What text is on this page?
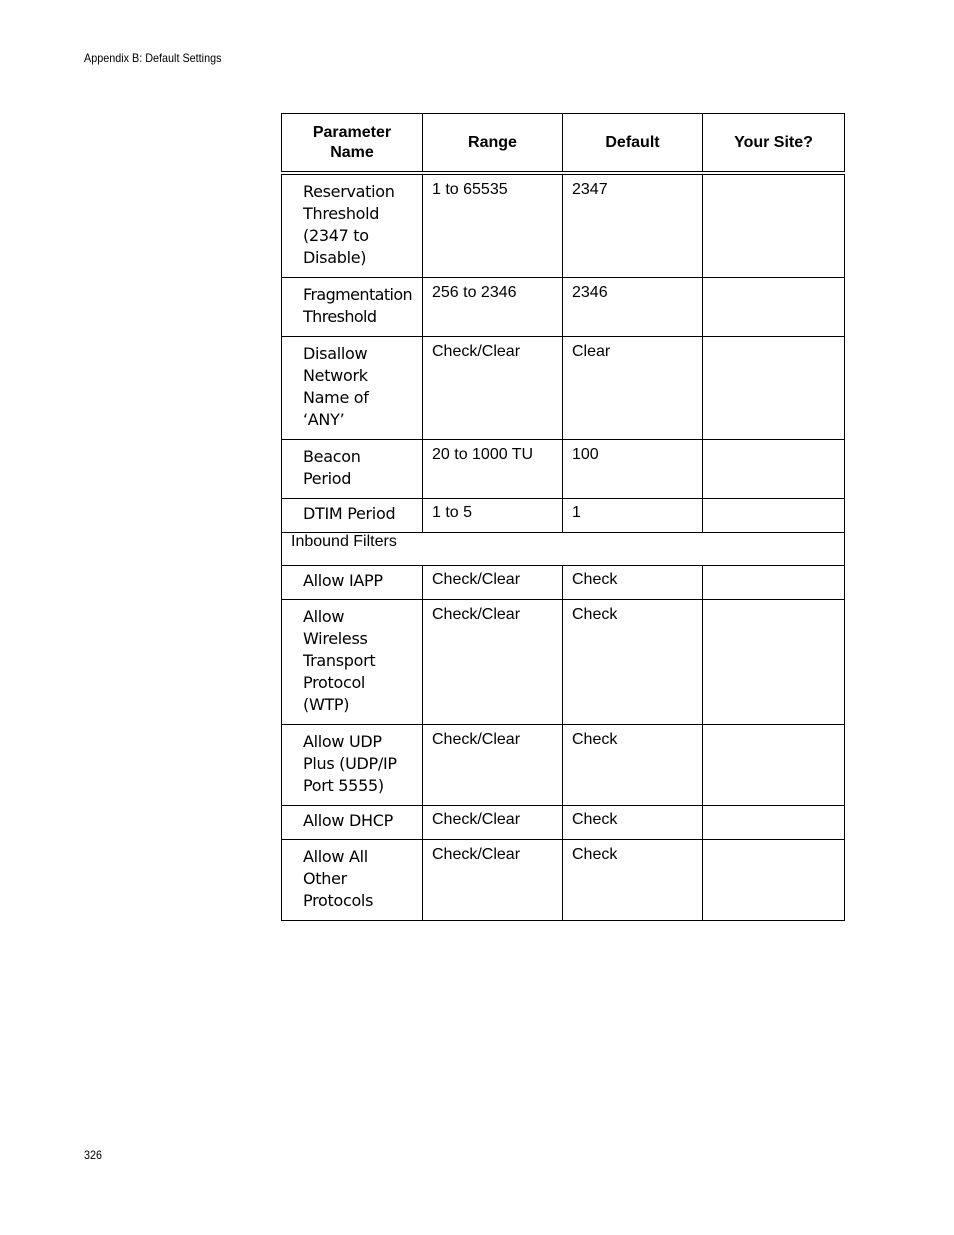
Appendix B: Default Settings
Parameter Name	Range	Default	Your Site?

Reservation Threshold (2347 to Disable)	1 to 65535	2347	

Fragmentation Threshold	256 to 2346	2346	

Disallow Network Name of ‘ANY’	Check/Clear	Clear	

Beacon Period	20 to 1000 TU	100	

DTIM Period	1 to 5	1	

Inbound Filters			

Allow IAPP	Check/Clear	Check	

Allow Wireless Transport Protocol (WTP)	Check/Clear	Check	

Allow UDP Plus (UDP/IP Port 5555)	Check/Clear	Check	

Allow DHCP	Check/Clear	Check	

Allow All Other Protocols	Check/Clear	Check	

326
